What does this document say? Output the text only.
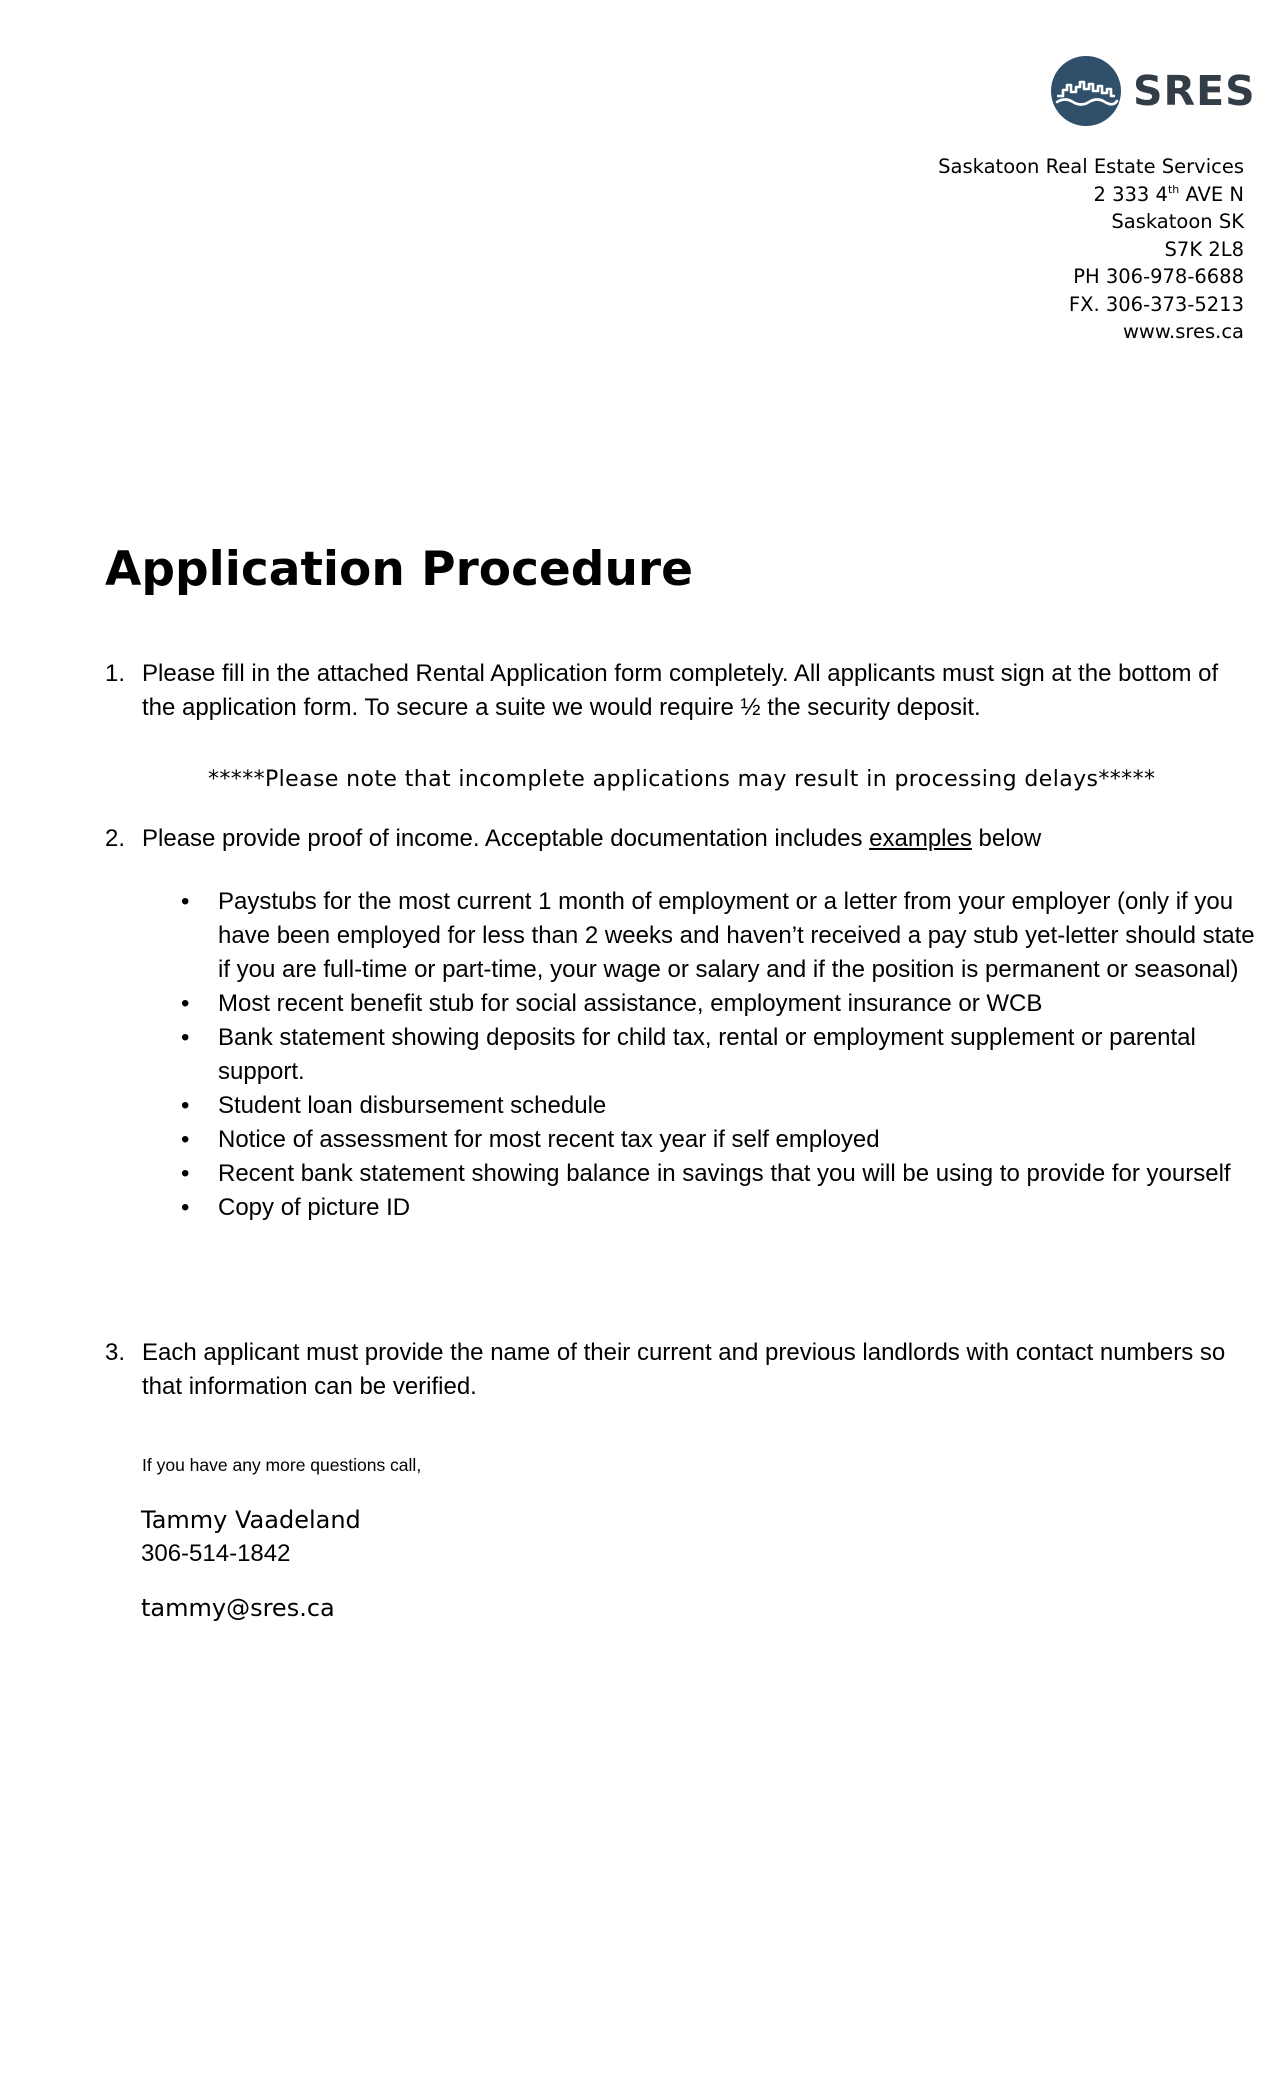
SRES
Saskatoon Real Estate Services
2 333 4th AVE N
Saskatoon SK
S7K 2L8
PH 306-978-6688
FX. 306-373-5213
www.sres.ca
Application Procedure
1. Please fill in the attached Rental Application form completely. All applicants must sign at the bottom of the application form. To secure a suite we would require ½ the security deposit.
*****Please note that incomplete applications may result in processing delays*****
2. Please provide proof of income. Acceptable documentation includes examples below
• Paystubs for the most current 1 month of employment or a letter from your employer (only if you have been employed for less than 2 weeks and haven’t received a pay stub yet-letter should state if you are full-time or part-time, your wage or salary and if the position is permanent or seasonal)
• Most recent benefit stub for social assistance, employment insurance or WCB
• Bank statement showing deposits for child tax, rental or employment supplement or parental support.
• Student loan disbursement schedule
• Notice of assessment for most recent tax year if self employed
• Recent bank statement showing balance in savings that you will be using to provide for yourself
• Copy of picture ID
3. Each applicant must provide the name of their current and previous landlords with contact numbers so that information can be verified.
If you have any more questions call,
Tammy Vaadeland
306-514-1842
tammy@sres.ca
